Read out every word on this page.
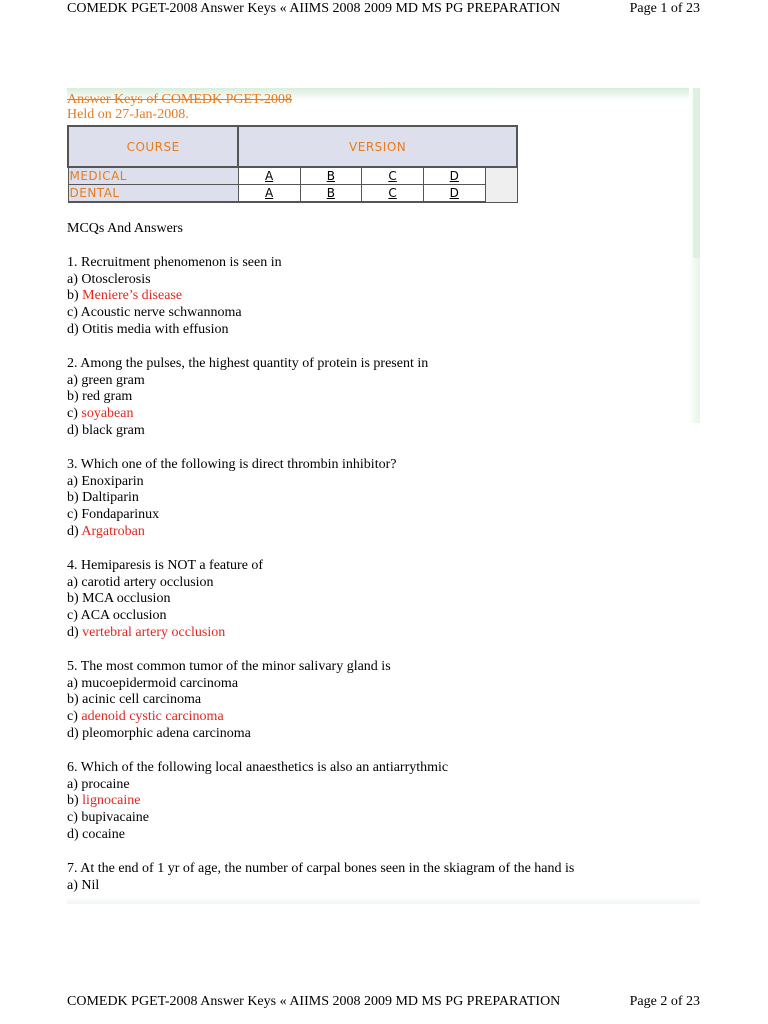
COMEDK PGET-2008 Answer Keys « AIIMS 2008 2009 MD MS PG PREPARATION	Page 1 of 23
Answer Keys of COMEDK PGET-2008
Held on 27-Jan-2008.
COURSE	VERSION				
MEDICAL	A	B	C	D	
DENTAL	A	B	C	D	

MCQs And Answers

1. Recruitment phenomenon is seen in

a) Otosclerosis

b) Meniere’s disease

c) Acoustic nerve schwannoma

d) Otitis media with effusion

2. Among the pulses, the highest quantity of protein is present in

a) green gram

b) red gram

c) soyabean

d) black gram

3. Which one of the following is direct thrombin inhibitor?

a) Enoxiparin

b) Daltiparin

c) Fondaparinux

d) Argatroban

4. Hemiparesis is NOT a feature of

a) carotid artery occlusion

b) MCA occlusion

c) ACA occlusion

d) vertebral artery occlusion

5. The most common tumor of the minor salivary gland is

a) mucoepidermoid carcinoma

b) acinic cell carcinoma

c) adenoid cystic carcinoma

d) pleomorphic adena carcinoma

6. Which of the following local anaesthetics is also an antiarrythmic

a) procaine

b) lignocaine

c) bupivacaine

d) cocaine

7. At the end of 1 yr of age, the number of carpal bones seen in the skiagram of the hand is

a) Nil

COMEDK PGET-2008 Answer Keys « AIIMS 2008 2009 MD MS PG PREPARATION	Page 2 of 23
